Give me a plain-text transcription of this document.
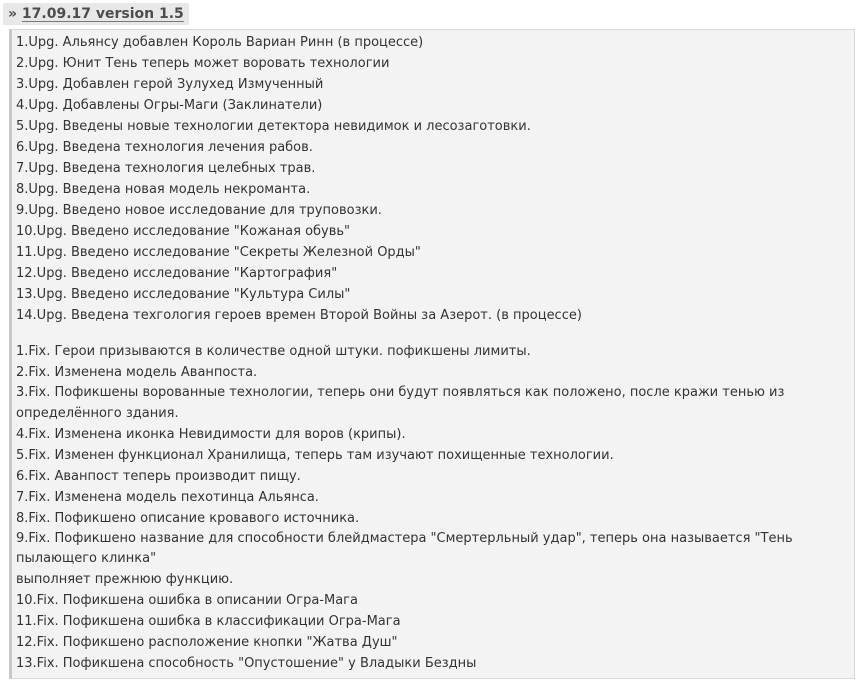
» 17.09.17 version 1.5
1.Upg. Альянсу добавлен Король Вариан Ринн (в процессе)
2.Upg. Юнит Тень теперь может воровать технологии
3.Upg. Добавлен герой Зулухед Измученный
4.Upg. Добавлены Огры-Маги (Заклинатели)
5.Upg. Введены новые технологии детектора невидимок и лесозаготовки.
6.Upg. Введена технология лечения рабов.
7.Upg. Введена технология целебных трав.
8.Upg. Введена новая модель некроманта.
9.Upg. Введено новое исследование для труповозки.
10.Upg. Введено исследование "Кожаная обувь"
11.Upg. Введено исследование "Секреты Железной Орды"
12.Upg. Введено исследование "Картография"
13.Upg. Введено исследование "Культура Силы"
14.Upg. Введена техгология героев времен Второй Войны за Азерот. (в процессе)
1.Fix. Герои призываются в количестве одной штуки. пофикшены лимиты.
2.Fix. Изменена модель Аванпоста.
3.Fix. Пофикшены ворованные технологии, теперь они будут появляться как положено, после кражи тенью из
определённого здания.
4.Fix. Изменена иконка Невидимости для воров (крипы).
5.Fix. Изменен функционал Хранилища, теперь там изучают похищенные технологии.
6.Fix. Аванпост теперь производит пищу.
7.Fix. Изменена модель пехотинца Альянса.
8.Fix. Пофикшено описание кровавого источника.
9.Fix. Пофикшено название для способности блейдмастера "Смертерльный удар", теперь она называется "Тень
пылающего клинка"
выполняет прежнюю функцию.
10.Fix. Пофикшена ошибка в описании Огра-Мага
11.Fix. Пофикшена ошибка в классификации Огра-Мага
12.Fix. Пофикшено расположение кнопки "Жатва Душ"
13.Fix. Пофикшена способность "Опустошение" у Владыки Бездны
